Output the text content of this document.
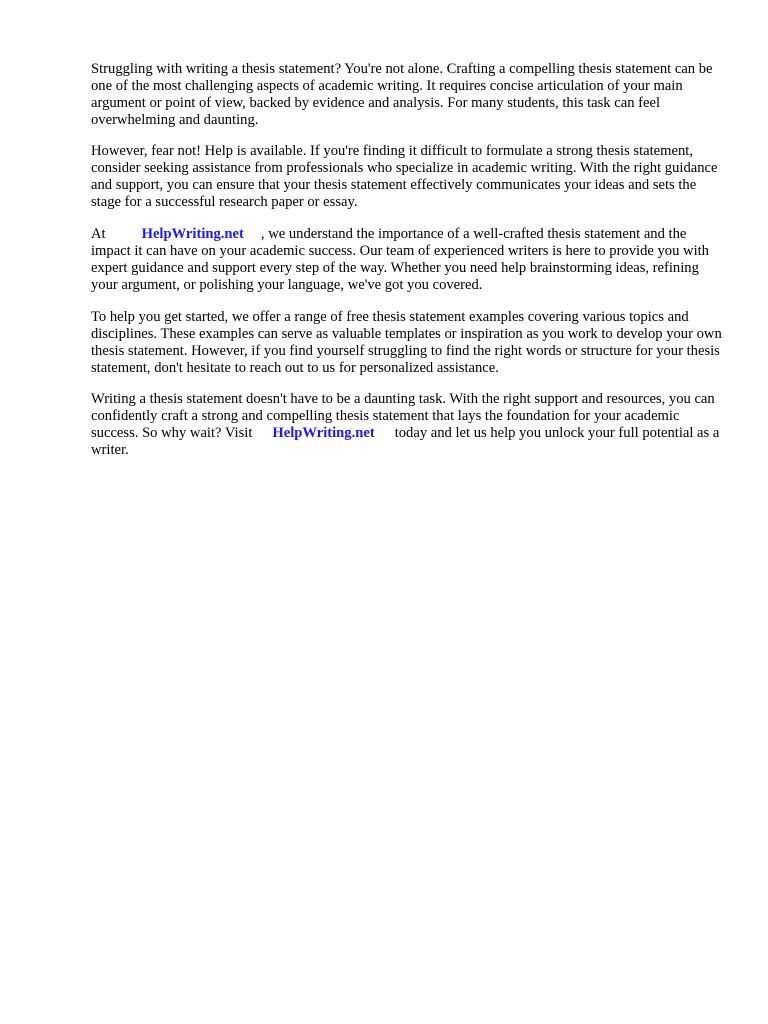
Struggling with writing a thesis statement? You're not alone. Crafting a compelling thesis statement can be one of the most challenging aspects of academic writing. It requires concise articulation of your main argument or point of view, backed by evidence and analysis. For many students, this task can feel overwhelming and daunting.

However, fear not! Help is available. If you're finding it difficult to formulate a strong thesis statement, consider seeking assistance from professionals who specialize in academic writing. With the right guidance and support, you can ensure that your thesis statement effectively communicates your ideas and sets the stage for a successful research paper or essay.

At HelpWriting.net , we understand the importance of a well-crafted thesis statement and the impact it can have on your academic success. Our team of experienced writers is here to provide you with expert guidance and support every step of the way. Whether you need help brainstorming ideas, refining your argument, or polishing your language, we've got you covered.

To help you get started, we offer a range of free thesis statement examples covering various topics and disciplines. These examples can serve as valuable templates or inspiration as you work to develop your own thesis statement. However, if you find yourself struggling to find the right words or structure for your thesis statement, don't hesitate to reach out to us for personalized assistance.

Writing a thesis statement doesn't have to be a daunting task. With the right support and resources, you can confidently craft a strong and compelling thesis statement that lays the foundation for your academic success. So why wait? Visit HelpWriting.net today and let us help you unlock your full potential as a writer.
